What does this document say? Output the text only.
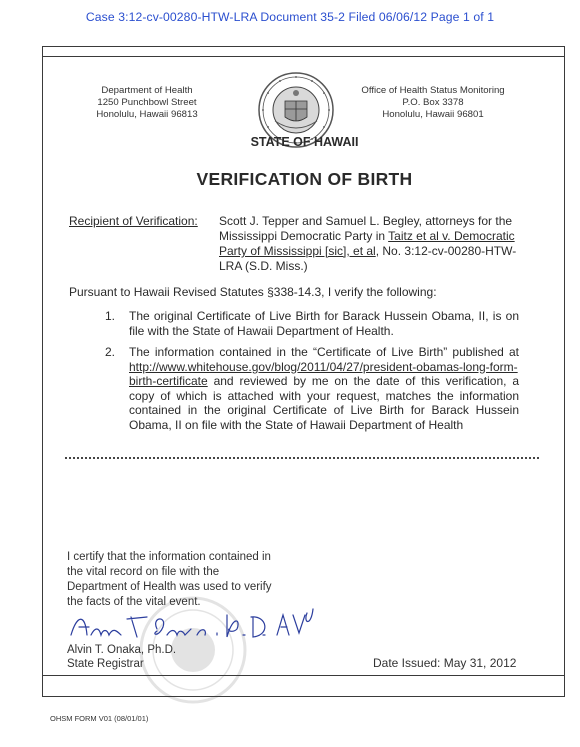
Case 3:12-cv-00280-HTW-LRA Document 35-2 Filed 06/06/12 Page 1 of 1
Department of Health
1250 Punchbowl Street
Honolulu, Hawaii 96813
Office of Health Status Monitoring
P.O. Box 3378
Honolulu, Hawaii 96801
STATE OF HAWAII
VERIFICATION OF BIRTH
Recipient of Verification: Scott J. Tepper and Samuel L. Begley, attorneys for the Mississippi Democratic Party in Taitz et al v. Democratic Party of Mississippi [sic], et al, No. 3:12-cv-00280-HTW-LRA (S.D. Miss.)
Pursuant to Hawaii Revised Statutes §338-14.3, I verify the following:
1. The original Certificate of Live Birth for Barack Hussein Obama, II, is on file with the State of Hawaii Department of Health.
2. The information contained in the “Certificate of Live Birth” published at http://www.whitehouse.gov/blog/2011/04/27/president-obamas-long-form-birth-certificate and reviewed by me on the date of this verification, a copy of which is attached with your request, matches the information contained in the original Certificate of Live Birth for Barack Hussein Obama, II on file with the State of Hawaii Department of Health
I certify that the information contained in the vital record on file with the Department of Health was used to verify the facts of the vital event.
Alvin T. Onaka, Ph.D.
State Registrar	Date Issued: May 31, 2012
OHSM FORM V01 (08/01/01)
